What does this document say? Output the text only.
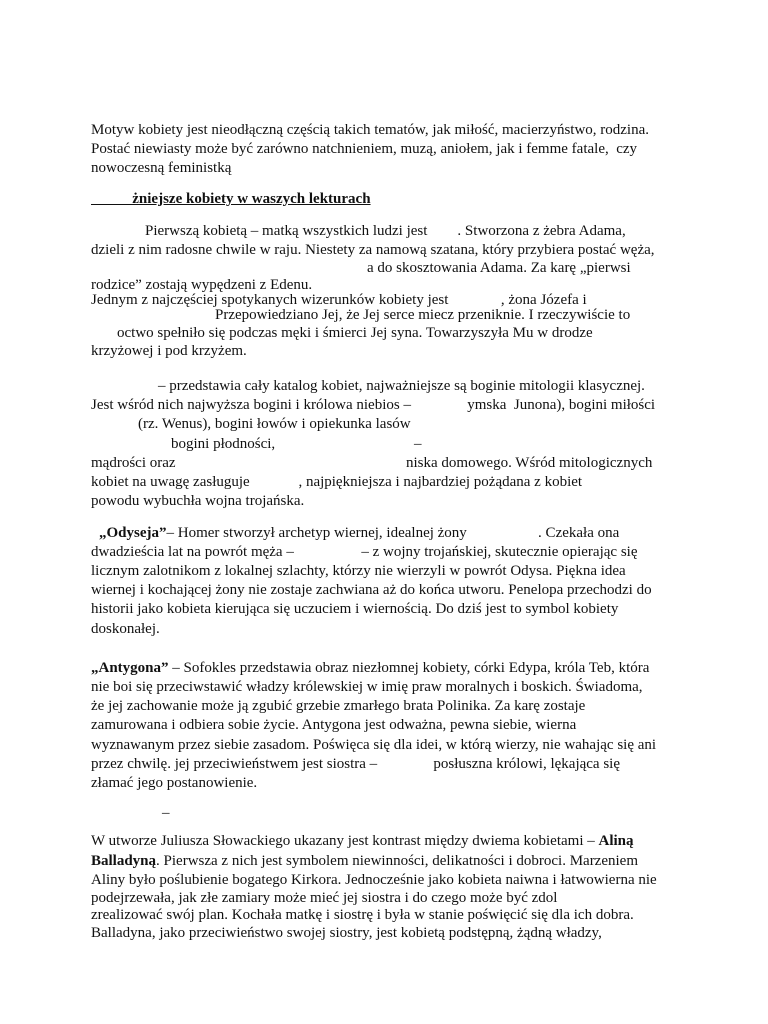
Motyw kobiety jest nieodłączną częścią takich tematów, jak miłość, macierzyństwo, rodzina.
Postać niewiasty może być zarówno natchnieniem, muzą, aniołem, jak i femme fatale,  czy
nowoczesną feministką
żniejsze kobiety w waszych lekturach
Pierwszą kobietą – matką wszystkich ludzi jest        . Stworzona z żebra Adama,
dzieli z nim radosne chwile w raju. Niestety za namową szatana, który przybiera postać węża,
a do skosztowania Adama. Za karę „pierwsi
rodzice” zostają wypędzeni z Edenu.
Jednym z najczęściej spotykanych wizerunków kobiety jest              , żona Józefa i
Przepowiedziano Jej, że Jej serce miecz przeniknie. I rzeczywiście to
octwo spełniło się podczas męki i śmierci Jej syna. Towarzyszyła Mu w drodze
krzyżowej i pod krzyżem.
– przedstawia cały katalog kobiet, najważniejsze są boginie mitologii klasycznej.
Jest wśród nich najwyższa bogini i królowa niebios –               ymska  Junona), bogini miłości
(rz. Wenus), bogini łowów i opiekunka lasów
bogini płodności,	–
mądrości oraz	niska domowego. Wśród mitologicznych
kobiet na uwagę zasługuje             , najpiękniejsza i najbardziej pożądana z kobiet
powodu wybuchła wojna trojańska.
„Odyseja”– Homer stworzył archetyp wiernej, idealnej żony                   . Czekała ona
dwadzieścia lat na powrót męża –                  – z wojny trojańskiej, skutecznie opierając się
licznym zalotnikom z lokalnej szlachty, którzy nie wierzyli w powrót Odysa. Piękna idea
wiernej i kochającej żony nie zostaje zachwiana aż do końca utworu. Penelopa przechodzi do
historii jako kobieta kierująca się uczuciem i wiernością. Do dziś jest to symbol kobiety
doskonałej.
„Antygona” – Sofokles przedstawia obraz niezłomnej kobiety, córki Edypa, króla Teb, która
nie boi się przeciwstawić władzy królewskiej w imię praw moralnych i boskich. Świadoma,
że jej zachowanie może ją zgubić grzebie zmarłego brata Polinika. Za karę zostaje
zamurowana i odbiera sobie życie. Antygona jest odważna, pewna siebie, wierna
wyznawanym przez siebie zasadom. Poświęca się dla idei, w którą wierzy, nie wahając się ani
przez chwilę. jej przeciwieństwem jest siostra –               posłuszna królowi, lękająca się
złamać jego postanowienie.
–
W utworze Juliusza Słowackiego ukazany jest kontrast między dwiema kobietami – Aliną
Balladyną. Pierwsza z nich jest symbolem niewinności, delikatności i dobroci. Marzeniem
Aliny było poślubienie bogatego Kirkora. Jednocześnie jako kobieta naiwna i łatwowierna nie
podejrzewała, jak złe zamiary może mieć jej siostra i do czego może być zdol
zrealizować swój plan. Kochała matkę i siostrę i była w stanie poświęcić się dla ich dobra.
Balladyna, jako przeciwieństwo swojej siostry, jest kobietą podstępną, żądną władzy,
